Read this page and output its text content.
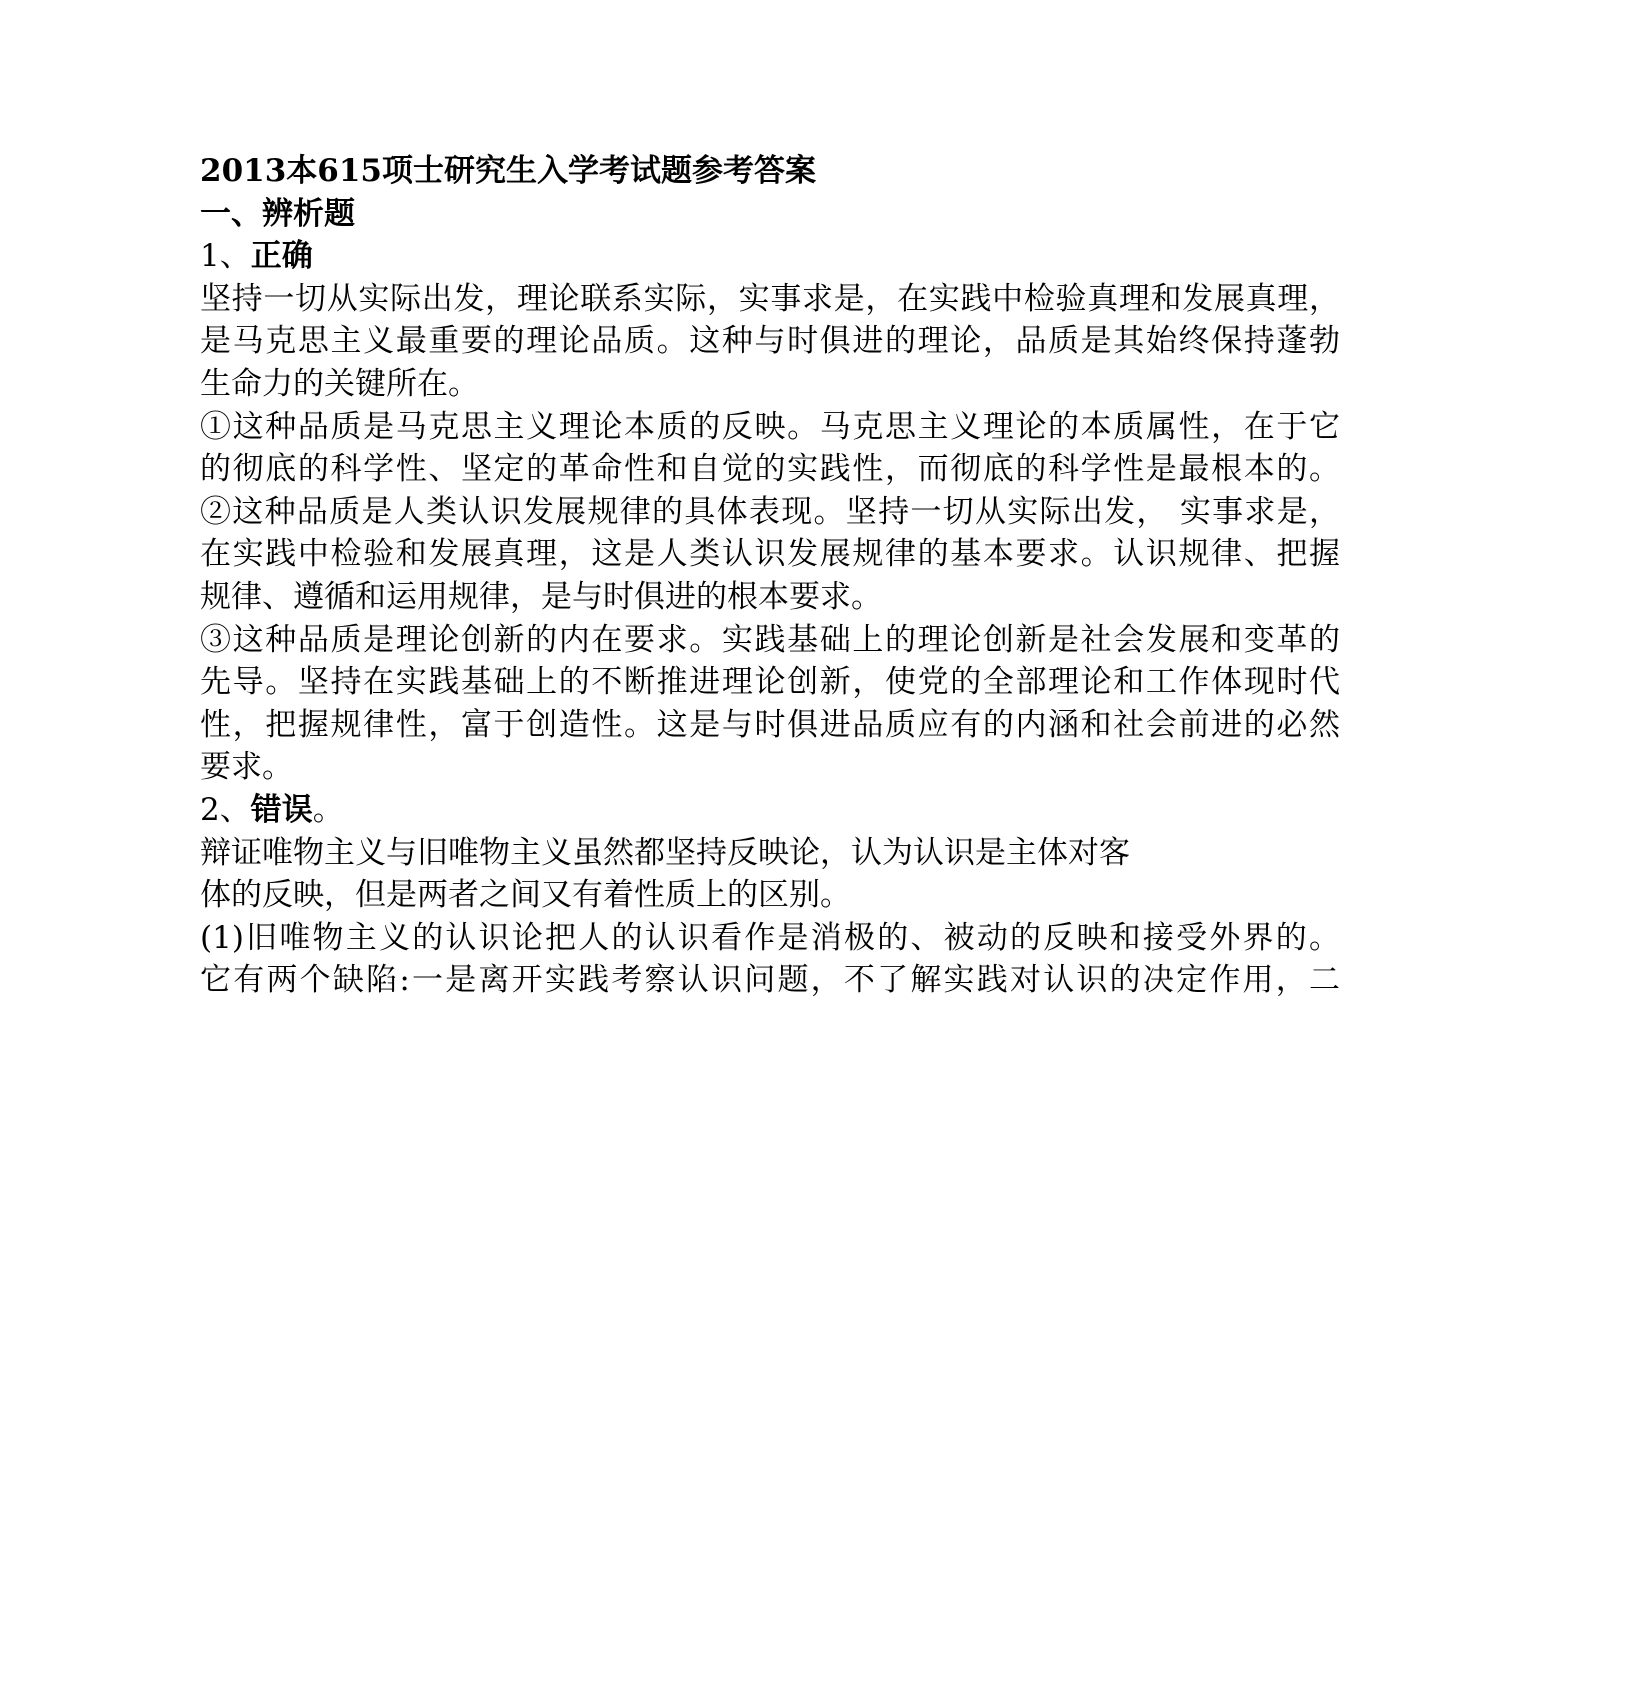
2013本615项士研究生入学考试题参考答案
一、辨析题
1、正确
坚持一切从实际出发，理论联系实际，实事求是，在实践中检验真理和发展真理，
是马克思主义最重要的理论品质。这种与时俱进的理论，品质是其始终保持蓬勃
生命力的关键所在。
①这种品质是马克思主义理论本质的反映。马克思主义理论的本质属性，在于它
的彻底的科学性、坚定的革命性和自觉的实践性，而彻底的科学性是最根本的。
②这种品质是人类认识发展规律的具体表现。坚持一切从实际出发， 实事求是，
在实践中检验和发展真理，这是人类认识发展规律的基本要求。认识规律、把握
规律、遵循和运用规律，是与时俱进的根本要求。
③这种品质是理论创新的内在要求。实践基础上的理论创新是社会发展和变革的
先导。坚持在实践基础上的不断推进理论创新，使党的全部理论和工作体现时代
性，把握规律性，富于创造性。这是与时俱进品质应有的内涵和社会前进的必然
要求。
2、错误。
辩证唯物主义与旧唯物主义虽然都坚持反映论，认为认识是主体对客
体的反映，但是两者之间又有着性质上的区别。
(1)旧唯物主义的认识论把人的认识看作是消极的、被动的反映和接受外界的。
它有两个缺陷:一是离开实践考察认识问题，不了解实践对认识的决定作用，二
